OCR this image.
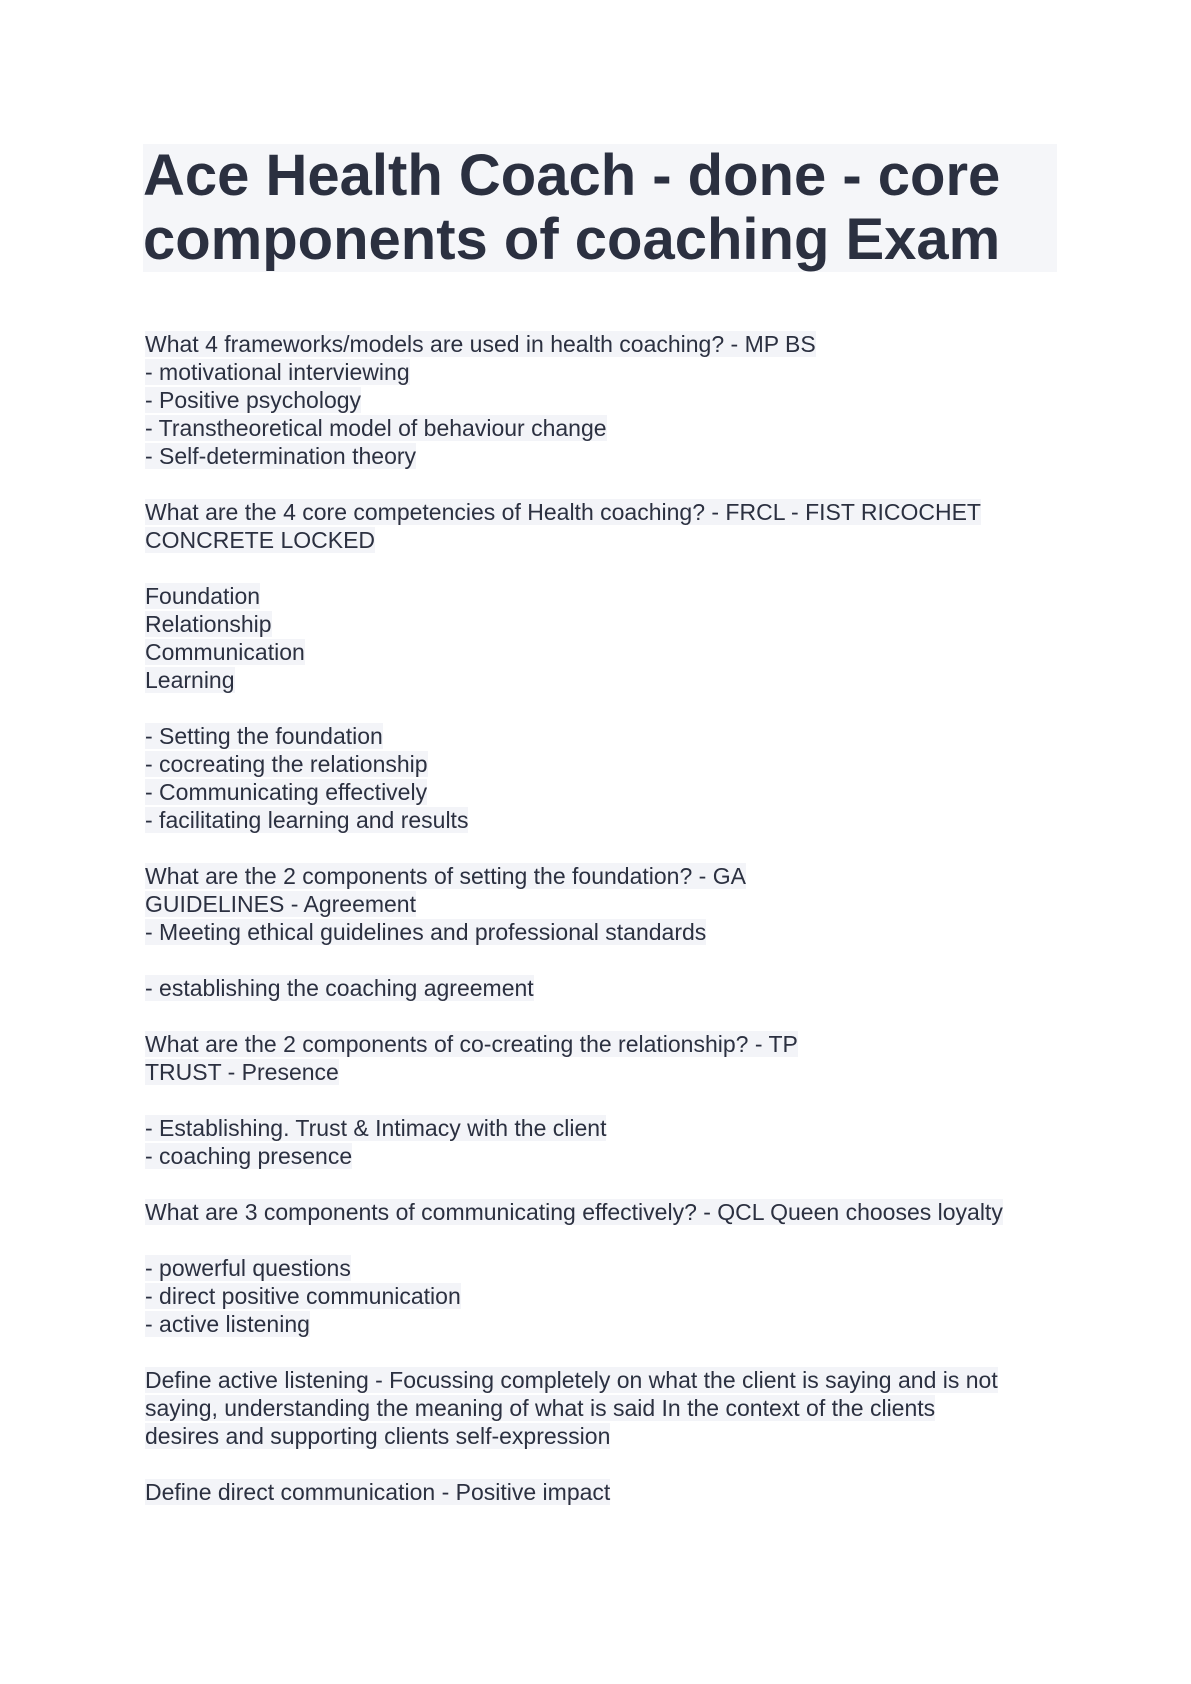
Ace Health Coach - done - core
components of coaching Exam
What 4 frameworks/models are used in health coaching? - MP BS
- motivational interviewing
- Positive psychology
- Transtheoretical model of behaviour change
- Self-determination theory
What are the 4 core competencies of Health coaching? - FRCL - FIST RICOCHET
CONCRETE LOCKED
Foundation
Relationship
Communication
Learning
- Setting the foundation
- cocreating the relationship
- Communicating effectively
- facilitating learning and results
What are the 2 components of setting the foundation? - GA
GUIDELINES - Agreement
- Meeting ethical guidelines and professional standards
- establishing the coaching agreement
What are the 2 components of co-creating the relationship? - TP
TRUST - Presence
- Establishing. Trust & Intimacy with the client
- coaching presence
What are 3 components of communicating effectively? - QCL Queen chooses loyalty
- powerful questions
- direct positive communication
- active listening
Define active listening - Focussing completely on what the client is saying and is not
saying, understanding the meaning of what is said In the context of the clients
desires and supporting clients self-expression
Define direct communication - Positive impact
